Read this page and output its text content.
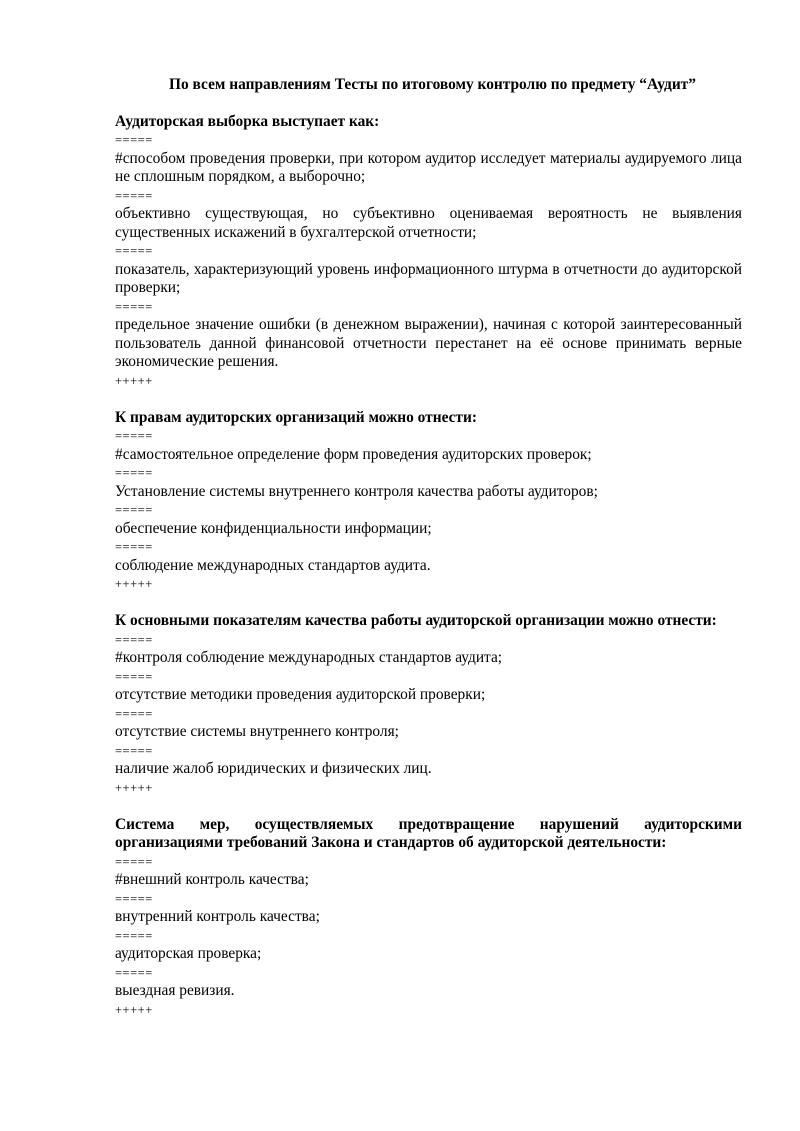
По всем направлениям Тесты по итоговому контролю по предмету “Аудит”
Аудиторская выборка выступает как:
=====
#способом проведения проверки, при котором аудитор исследует материалы аудируемого лица не сплошным порядком, а выборочно;
=====
объективно существующая, но субъективно оцениваемая вероятность не выявления существенных искажений в бухгалтерской отчетности;
=====
показатель, характеризующий уровень информационного штурма в отчетности до аудиторской проверки;
=====
предельное значение ошибки (в денежном выражении), начиная с которой заинтересованный пользователь данной финансовой отчетности перестанет на её основе принимать верные экономические решения.
+++++
К правам аудиторских организаций можно отнести:
=====
#самостоятельное определение форм проведения аудиторских проверок;
=====
Установление системы внутреннего контроля качества работы аудиторов;
=====
обеспечение конфиденциальности информации;
=====
соблюдение международных стандартов аудита.
+++++
К основными показателям качества работы аудиторской организации можно отнести:
=====
#контроля соблюдение международных стандартов аудита;
=====
отсутствие методики проведения аудиторской проверки;
=====
отсутствие системы внутреннего контроля;
=====
наличие жалоб юридических и физических лиц.
+++++
Система мер, осуществляемых предотвращение нарушений аудиторскими организациями требований Закона и стандартов об аудиторской деятельности:
=====
#внешний контроль качества;
=====
внутренний контроль качества;
=====
аудиторская проверка;
=====
выездная ревизия.
+++++
